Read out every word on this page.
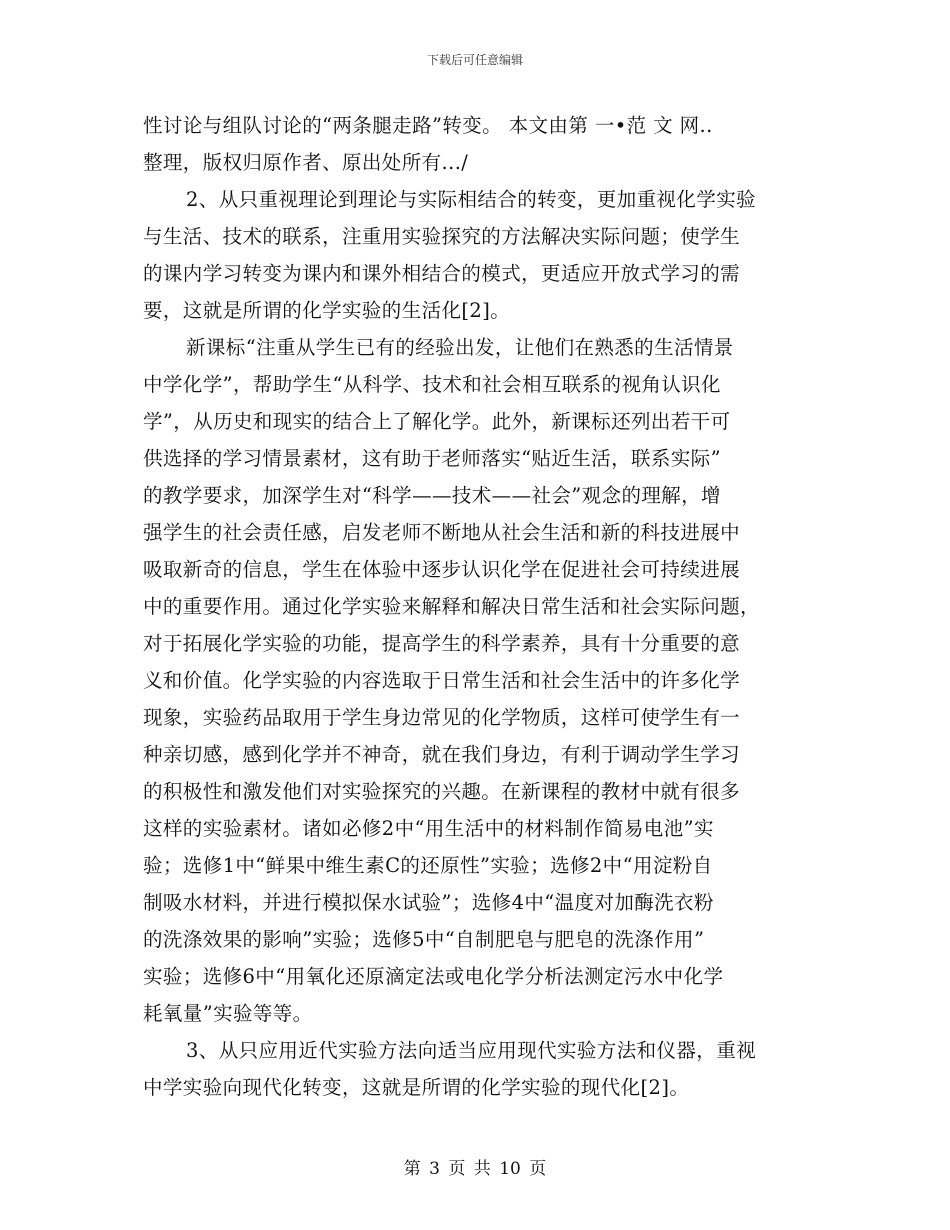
下载后可任意编辑
性讨论与组队讨论的“两条腿走路”转变。 本文由第 一•范 文 网..
整理，版权归原作者、原出处所有.../
2、从只重视理论到理论与实际相结合的转变，更加重视化学实验
与生活、技术的联系，注重用实验探究的方法解决实际问题；使学生
的课内学习转变为课内和课外相结合的模式，更适应开放式学习的需
要，这就是所谓的化学实验的生活化[2]。
新课标“注重从学生已有的经验出发，让他们在熟悉的生活情景
中学化学”，帮助学生“从科学、技术和社会相互联系的视角认识化
学”，从历史和现实的结合上了解化学。此外，新课标还列出若干可
供选择的学习情景素材，这有助于老师落实“贴近生活，联系实际”
的教学要求，加深学生对“科学——技术——社会”观念的理解，增
强学生的社会责任感，启发老师不断地从社会生活和新的科技进展中
吸取新奇的信息，学生在体验中逐步认识化学在促进社会可持续进展
中的重要作用。通过化学实验来解释和解决日常生活和社会实际问题，
对于拓展化学实验的功能，提高学生的科学素养，具有十分重要的意
义和价值。化学实验的内容选取于日常生活和社会生活中的许多化学
现象，实验药品取用于学生身边常见的化学物质，这样可使学生有一
种亲切感，感到化学并不神奇，就在我们身边，有利于调动学生学习
的积极性和激发他们对实验探究的兴趣。在新课程的教材中就有很多
这样的实验素材。诸如必修2中“用生活中的材料制作简易电池”实
验；选修1中“鲜果中维生素C的还原性”实验；选修2中“用淀粉自
制吸水材料，并进行模拟保水试验”；选修4中“温度对加酶洗衣粉
的洗涤效果的影响”实验；选修5中“自制肥皂与肥皂的洗涤作用”
实验；选修6中“用氧化还原滴定法或电化学分析法测定污水中化学
耗氧量”实验等等。
3、从只应用近代实验方法向适当应用现代实验方法和仪器，重视
中学实验向现代化转变，这就是所谓的化学实验的现代化[2]。
第 3 页 共 10 页
